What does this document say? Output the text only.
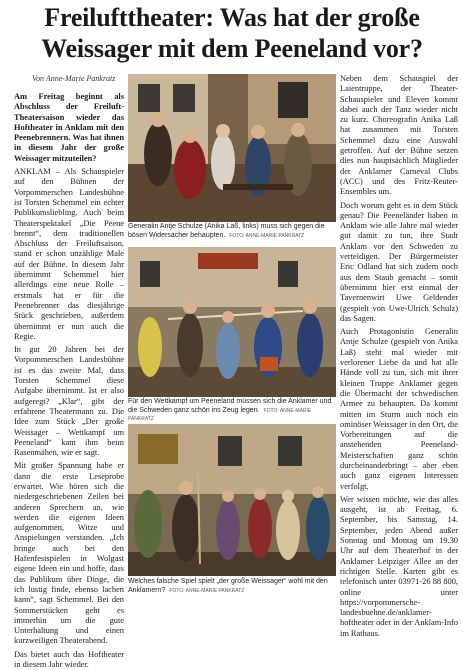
Freilufttheater: Was hat der große Weissager mit dem Peeneland vor?
Von Anne-Marie Pankratz

Am Freitag beginnt als Abschluss der Freiluft-Theatersaison wieder das Hoftheater in Anklam mit den Peenebrennern. Was hat ihnen in diesem Jahr der große Weissager mitzuteilen?

ANKLAM – Als Schauspieler auf den Bühnen der Vorpommerschen Landesbühne ist Torsten Schemmel ein echter Publikumsliebling. Auch beim Theaterspektakel „Die Peene brennt“, dem traditionellen Abschluss der Freiluftsaison, stand er schon unzählige Male auf der Bühne. In diesem Jahr übernimmt Schemmel hier allerdings eine neue Rolle – erstmals hat er für die Peenebrenner das diesjährige Stück geschrieben, außerdem übernimmt er nun auch die Regie.

In gut 20 Jahren bei der Vorpommerschen Landesbühne ist es das zweite Mal, dass Torsten Schemmel diese Aufgabe übernimmt. Ist er also aufgeregt? „Klar“, gibt der erfahrene Theatermann zu. Die Idee zum Stück „Der große Weissager – Wettkampf um Peeneland“ kam ihm beim Rasenmähen, wie er sagt.

Mit großer Spannung habe er dann die erste Leseprobe erwartet. Wie hören sich die niedergeschriebenen Zeilen bei anderen Sprechern an, wie werden die eigenen Ideen aufgenommen, Witze und Anspielungen verstanden. „Ich bringe auch bei den Hafenfestspielen in Wolgast eigene Ideen ein und hoffe, dass das Publikum über Dinge, die ich lustig finde, ebenso lachen kann“, sagt Schemmel. Bei den Sommerstücken geht es immerhin um die gute Unterhaltung und einen kurzweiligen Theaterabend.

Das bietet auch das Hoftheater in diesem Jahr wieder.

Generalin Antje Schulze (Anika Laß, links) muss sich gegen die bösen Widersacher behaupten. FOTO: ANNE-MARIE PANKRATZ
Für den Wettkampf um Peeneland müssen sich die Anklamer und die Schweden ganz schön ins Zeug legen. FOTO: ANNE-MARIE PANKRATZ
Welches falsche Spiel spielt „der große Weissager“ wohl mit den Anklamern? FOTO: ANNE-MARIE PANKRATZ

Neben dem Schauspiel der Laientruppe, der Theater-Schauspieler und Eleven kommt dabei auch der Tanz wieder nicht zu kurz. Choreografin Anika Laß hat zusammen mit Torsten Schemmel dazu eine Auswahl getroffen. Auf der Bühne setzen dies nun hauptsächlich Mitglieder der Anklamer Carneval Clubs (ACC) und des Fritz-Reuter-Ensembles um.

Doch worum geht es in dem Stück genau? Die Peeneländer haben in Anklam wie alle Jahre mal wieder gut damit zu tun, ihre Stadt Anklam vor den Schweden zu verteidigen. Der Bürgermeister Eric Odland hat sich zudem noch aus dem Staub gemacht – somit übernimmt hier erst einmal der Tavernenwirt Uwe Geldender (gespielt von Uwe-Ulrich Schulz) das Sagen.

Auch Protagonistin Generalin Antje Schulze (gespielt von Anika Laß) steht mal wieder mit verlorener Liebe da und hat alle Hände voll zu tun, sich mit ihrer kleinen Truppe Anklamer gegen die Übermacht der schwedischen Armee zu behaupten. Da kommt mitten im Sturm auch noch ein ominöser Weissager in den Ort, die Vorbereitungen auf die anstehenden Peeneland-Meisterschaften ganz schön durcheinanderbringt – aber eben auch ganz eigenen Interessen verfolgt.

Wer wissen möchte, wie das alles ausgeht, ist ab Freitag, 6. September, bis Samstag, 14. September, jeden Abend außer Sonntag und Montag um 19.30 Uhr auf dem Theaterhof in der Anklamer Leipziger Allee an der richtigen Stelle. Karten gibt es telefonisch unter 03971-26 88 800, online unter https://vorpommersche-landesbuehne.de/anklamer-hoftheater oder in der Anklam-Info im Rathaus.
